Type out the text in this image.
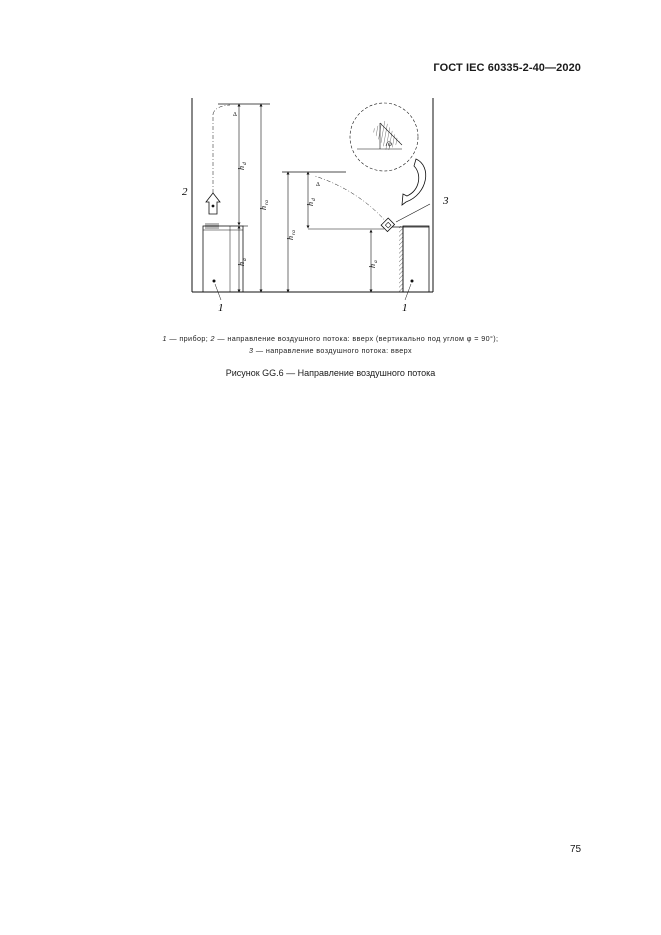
ГОСТ IEC 60335-2-40—2020
Δ
h
d
h
a
h
ra
h
ra
h
d
h
a
Δ
φ
2
3
1	1
1 — прибор; 2 — направление воздушного потока: вверх (вертикально под углом φ = 90°);
3 — направление воздушного потока: вверх
Рисунок GG.6 — Направление воздушного потока
75
